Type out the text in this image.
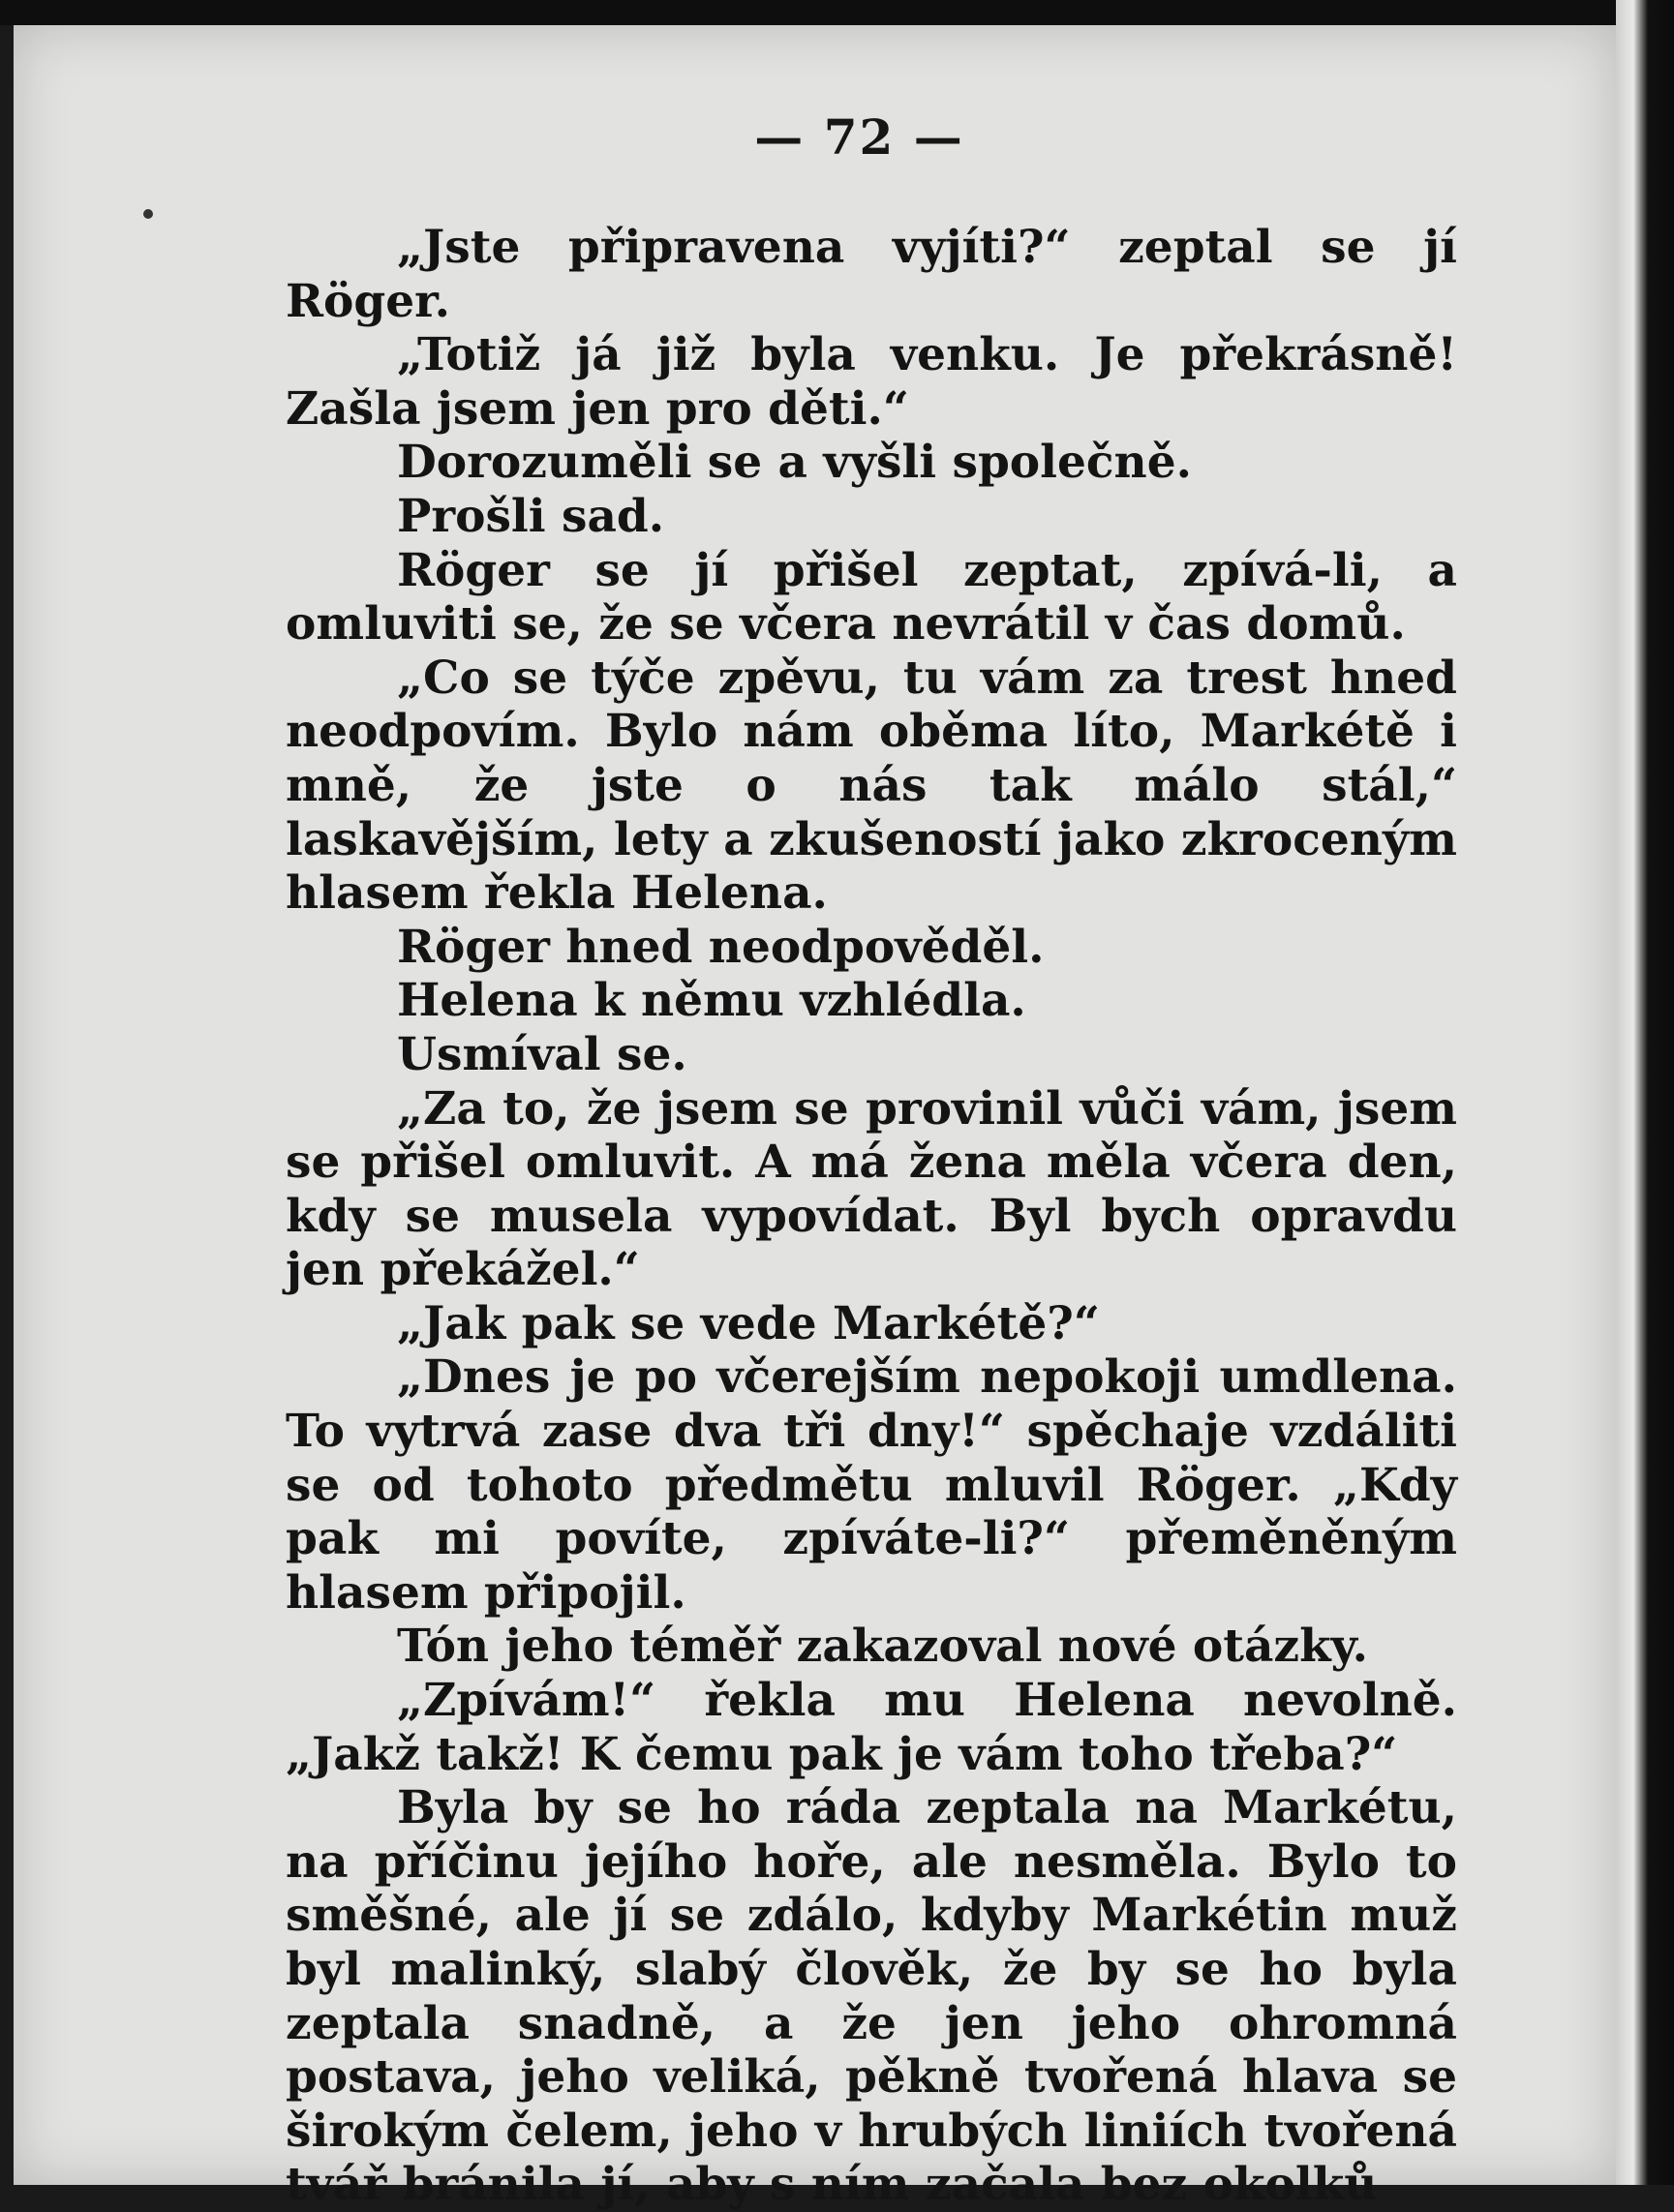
— 72 —

„Jste připravena vyjíti?“ zeptal se jí Röger.

„Totiž já již byla venku. Je překrásně! Zašla jsem jen pro děti.“

Dorozuměli se a vyšli společně.

Prošli sad.

Röger se jí přišel zeptat, zpívá-li, a omluviti se, že se včera nevrátil v čas domů.

„Co se týče zpěvu, tu vám za trest hned neodpovím. Bylo nám oběma líto, Markétě i mně, že jste o nás tak málo stál,“ laskavějším, lety a zkušeností jako zkroceným hlasem řekla Helena.

Röger hned neodpověděl.

Helena k němu vzhlédla.

Usmíval se.

„Za to, že jsem se provinil vůči vám, jsem se přišel omluvit. A má žena měla včera den, kdy se musela vypovídat. Byl bych opravdu jen překážel.“

„Jak pak se vede Markétě?“

„Dnes je po včerejším nepokoji umdlena. To vytrvá zase dva tři dny!“ spěchaje vzdáliti se od tohoto předmětu mluvil Röger. „Kdy pak mi povíte, zpíváte-li?“ přeměněným hlasem připojil.

Tón jeho téměř zakazoval nové otázky.

„Zpívám!“ řekla mu Helena nevolně. „Jakž takž! K čemu pak je vám toho třeba?“

Byla by se ho ráda zeptala na Markétu, na příčinu jejího hoře, ale nesměla. Bylo to směšné, ale jí se zdálo, kdyby Markétin muž byl malinký, slabý člověk, že by se ho byla zeptala snadně, a že jen jeho ohromná postava, jeho veliká, pěkně tvořená hlava se širokým čelem, jeho v hrubých liniích tvořená tvář bránila jí, aby s ním začala bez okolků
